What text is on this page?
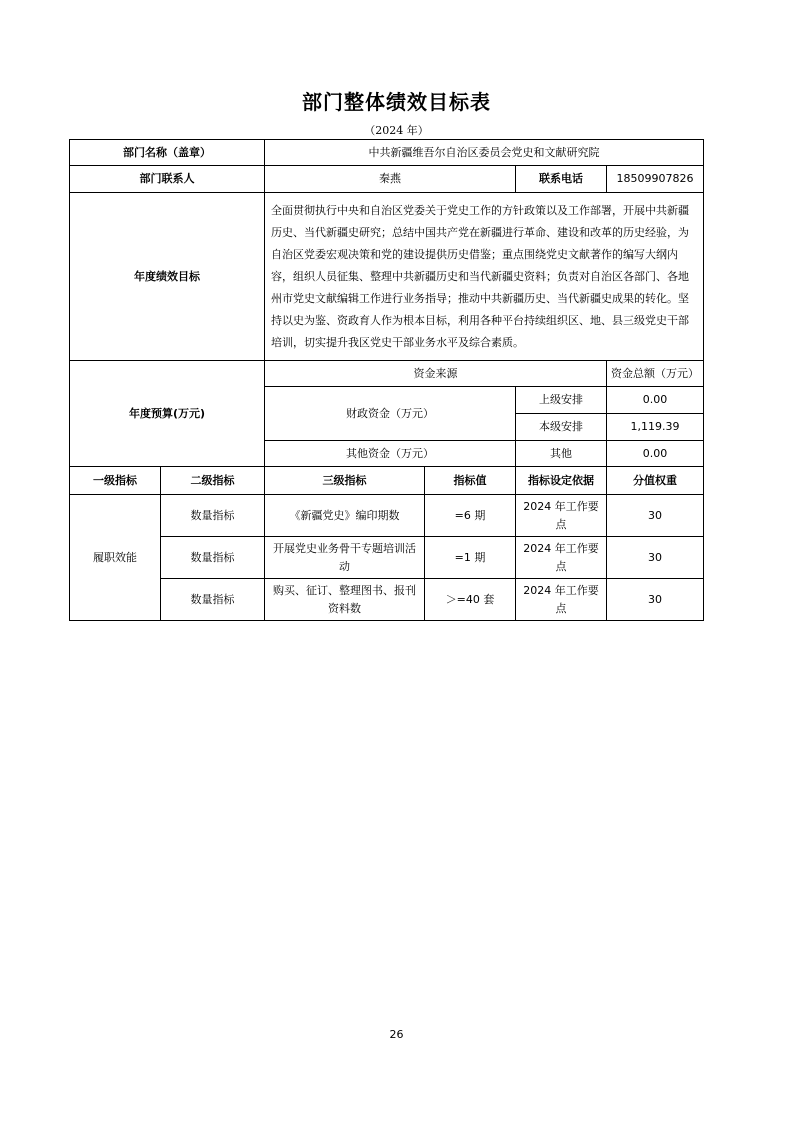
部门整体绩效目标表
（2024 年）
部门名称（盖章）		中共新疆维吾尔自治区委员会党史和文献研究院			
部门联系人		秦燕		联系电话	18509907826
年度绩效目标		全面贯彻执行中央和自治区党委关于党史工作的方针政策以及工作部署，开展中共新疆历史、当代新疆史研究；总结中国共产党在新疆进行革命、建设和改革的历史经验，为自治区党委宏观决策和党的建设提供历史借鉴；重点围绕党史文献著作的编写大纲内容，组织人员征集、整理中共新疆历史和当代新疆史资料；负责对自治区各部门、各地州市党史文献编辑工作进行业务指导；推动中共新疆历史、当代新疆史成果的转化。坚持以史为鉴、资政育人作为根本目标，利用各种平台持续组织区、地、县三级党史干部培训，切实提升我区党史干部业务水平及综合素质。			
年度预算(万元)		资金来源			资金总额（万元）
		财政资金（万元）		上级安排	0.00
				本级安排	1,119.39
		其他资金（万元）		其他	0.00
一级指标	二级指标	三级指标	指标值	指标设定依据	分值权重
履职效能	数量指标	《新疆党史》编印期数	=6 期	2024 年工作要点	30
	数量指标	开展党史业务骨干专题培训活动	=1 期	2024 年工作要点	30
	数量指标	购买、征订、整理图书、报刊资料数	＞=40 套	2024 年工作要点	30
26
